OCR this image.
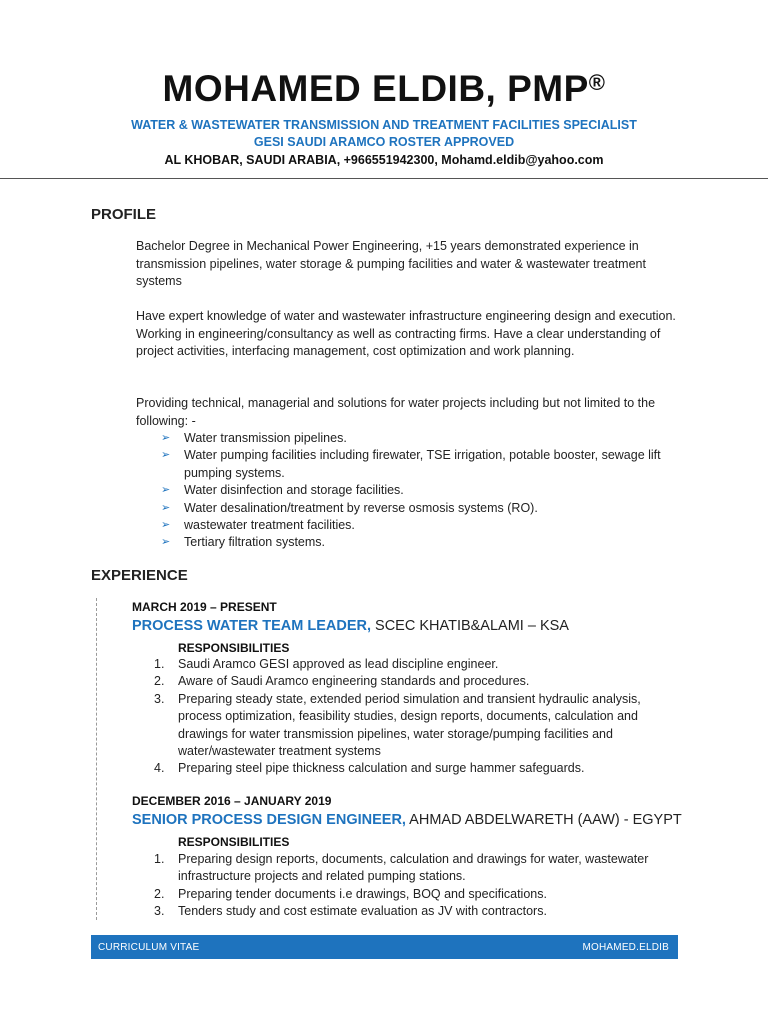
MOHAMED ELDIB, PMP®
WATER & WASTEWATER TRANSMISSION AND TREATMENT FACILITIES SPECIALIST
GESI SAUDI ARAMCO ROSTER APPROVED
AL KHOBAR, SAUDI ARABIA, +966551942300, Mohamd.eldib@yahoo.com
PROFILE
Bachelor Degree in Mechanical Power Engineering, +15 years demonstrated experience in transmission pipelines, water storage & pumping facilities and water & wastewater treatment systems
Have expert knowledge of water and wastewater infrastructure engineering design and execution. Working in engineering/consultancy as well as contracting firms. Have a clear understanding of project activities, interfacing management, cost optimization and work planning.
Providing technical, managerial and solutions for water projects including but not limited to the following: -
➢ Water transmission pipelines.
➢ Water pumping facilities including firewater, TSE irrigation, potable booster, sewage lift pumping systems.
➢ Water disinfection and storage facilities.
➢ Water desalination/treatment by reverse osmosis systems (RO).
➢ wastewater treatment facilities.
➢ Tertiary filtration systems.
EXPERIENCE
MARCH 2019 – PRESENT
PROCESS WATER TEAM LEADER, SCEC KHATIB&ALAMI – KSA
RESPONSIBILITIES
1. Saudi Aramco GESI approved as lead discipline engineer.
2. Aware of Saudi Aramco engineering standards and procedures.
3. Preparing steady state, extended period simulation and transient hydraulic analysis, process optimization, feasibility studies, design reports, documents, calculation and drawings for water transmission pipelines, water storage/pumping facilities and water/wastewater treatment systems
4. Preparing steel pipe thickness calculation and surge hammer safeguards.
DECEMBER 2016 – JANUARY 2019
SENIOR PROCESS DESIGN ENGINEER, AHMAD ABDELWARETH (AAW) - EGYPT
RESPONSIBILITIES
1. Preparing design reports, documents, calculation and drawings for water, wastewater infrastructure projects and related pumping stations.
2. Preparing tender documents i.e drawings, BOQ and specifications.
3. Tenders study and cost estimate evaluation as JV with contractors.
CURRICULUM VITAE	MOHAMED.ELDIB
